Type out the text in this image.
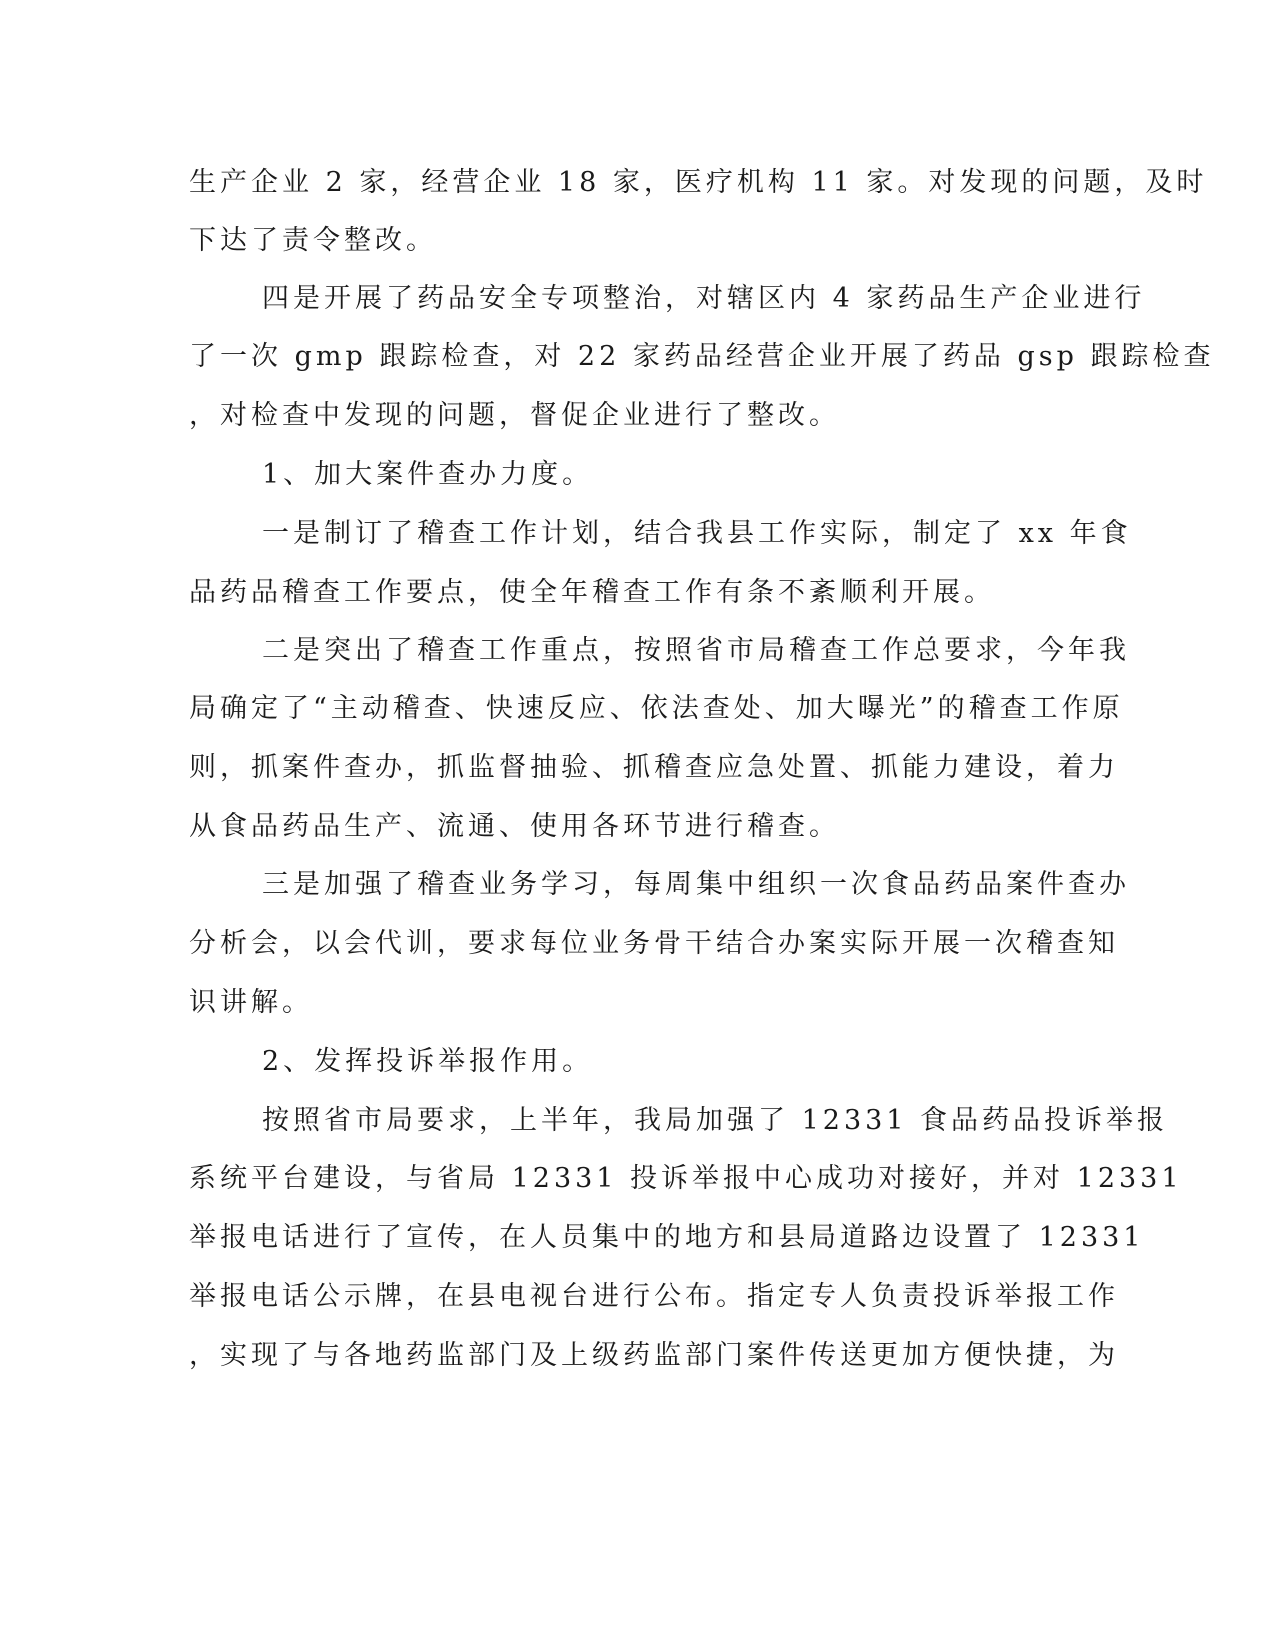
生产企业 2 家，经营企业 18 家，医疗机构 11 家。对发现的问题，及时
下达了责令整改。
四是开展了药品安全专项整治，对辖区内 4 家药品生产企业进行
了一次 gmp 跟踪检查，对 22 家药品经营企业开展了药品 gsp 跟踪检查
，对检查中发现的问题，督促企业进行了整改。
1、加大案件查办力度。
一是制订了稽查工作计划，结合我县工作实际，制定了 xx 年食
品药品稽查工作要点，使全年稽查工作有条不紊顺利开展。
二是突出了稽查工作重点，按照省市局稽查工作总要求，今年我
局确定了“主动稽查、快速反应、依法查处、加大曝光”的稽查工作原
则，抓案件查办，抓监督抽验、抓稽查应急处置、抓能力建设，着力
从食品药品生产、流通、使用各环节进行稽查。
三是加强了稽查业务学习，每周集中组织一次食品药品案件查办
分析会，以会代训，要求每位业务骨干结合办案实际开展一次稽查知
识讲解。
2、发挥投诉举报作用。
按照省市局要求，上半年，我局加强了 12331 食品药品投诉举报
系统平台建设，与省局 12331 投诉举报中心成功对接好，并对 12331
举报电话进行了宣传，在人员集中的地方和县局道路边设置了 12331
举报电话公示牌，在县电视台进行公布。指定专人负责投诉举报工作
，实现了与各地药监部门及上级药监部门案件传送更加方便快捷，为
